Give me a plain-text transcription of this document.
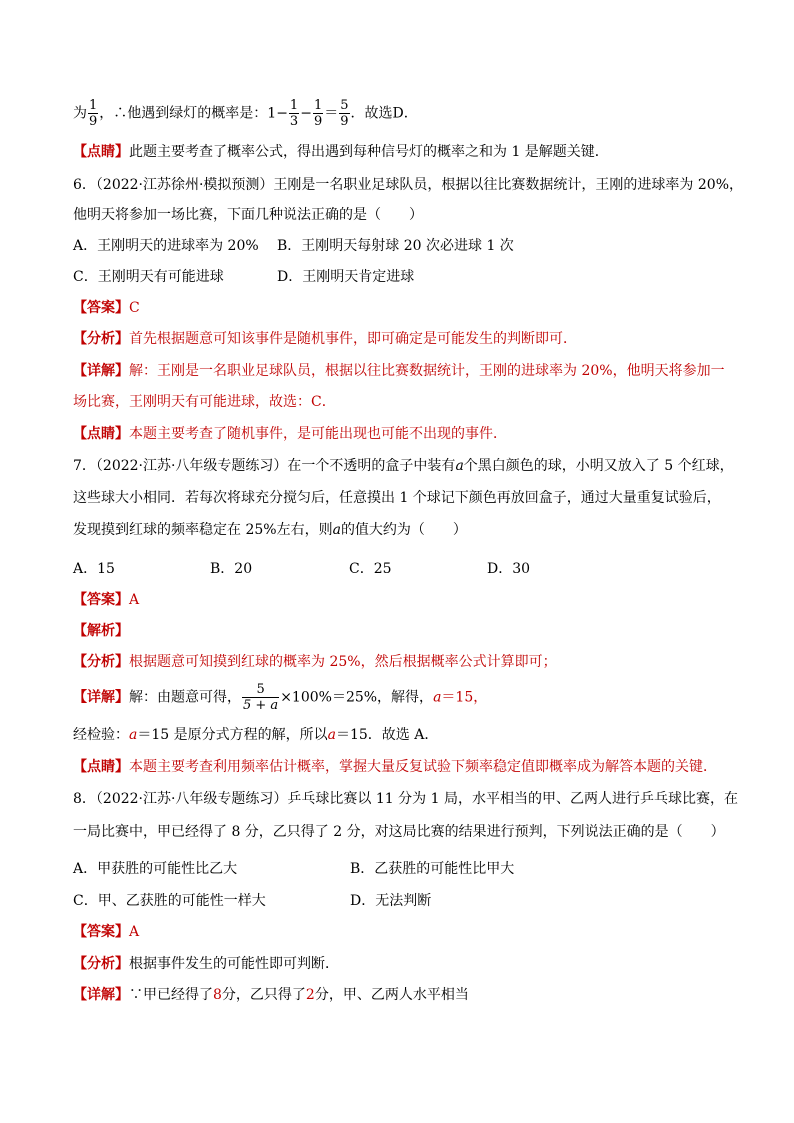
为 $\frac{1}{9}$ ，∴他遇到绿灯的概率是：$1- \frac{1}{3} - \frac{1}{9} = \frac{5}{9}$ ．故选D．
【点睛】此题主要考查了概率公式，得出遇到每种信号灯的概率之和为 1 是解题关键．
6．（2022·江苏徐州·模拟预测）王刚是一名职业足球队员，根据以往比赛数据统计，王刚的进球率为 20%，
他明天将参加一场比赛，下面几种说法正确的是（　　）
A．王刚明天的进球率为 20% B．王刚明天每射球 20 次必进球 1 次
C．王刚明天有可能进球	D．王刚明天肯定进球
【答案】C
【分析】首先根据题意可知该事件是随机事件，即可确定是可能发生的判断即可．
【详解】解：王刚是一名职业足球队员，根据以往比赛数据统计，王刚的进球率为 20%，他明天将参加一
场比赛，王刚明天有可能进球，故选：C．
【点睛】本题主要考查了随机事件，是可能出现也可能不出现的事件．
7．（2022·江苏·八年级专题练习）在一个不透明的盒子中装有a个黑白颜色的球，小明又放入了 5 个红球，
这些球大小相同．若每次将球充分搅匀后，任意摸出 1 个球记下颜色再放回盒子，通过大量重复试验后，
发现摸到红球的频率稳定在 25%左右，则a的值大约为（　　）
A．15	B．20	C．25	D．30
【答案】A
【解析】
【分析】根据题意可知摸到红球的概率为 25%，然后根据概率公式计算即可；
【详解】解：由题意可得， $\frac{5}{5 + a} \times 100\%=25\%$，解得，a＝15，
经检验：a＝15 是原分式方程的解，所以a＝15．故选 A．
【点睛】本题主要考查利用频率估计概率，掌握大量反复试验下频率稳定值即概率成为解答本题的关键．
8．（2022·江苏·八年级专题练习）乒乓球比赛以 11 分为 1 局，水平相当的甲、乙两人进行乒乓球比赛，在
一局比赛中，甲已经得了 8 分，乙只得了 2 分，对这局比赛的结果进行预判，下列说法正确的是（　　）
A．甲获胜的可能性比乙大	B．乙获胜的可能性比甲大
C．甲、乙获胜的可能性一样大	D．无法判断
【答案】A
【分析】根据事件发生的可能性即可判断．
【详解】∵甲已经得了8分，乙只得了2分，甲、乙两人水平相当
